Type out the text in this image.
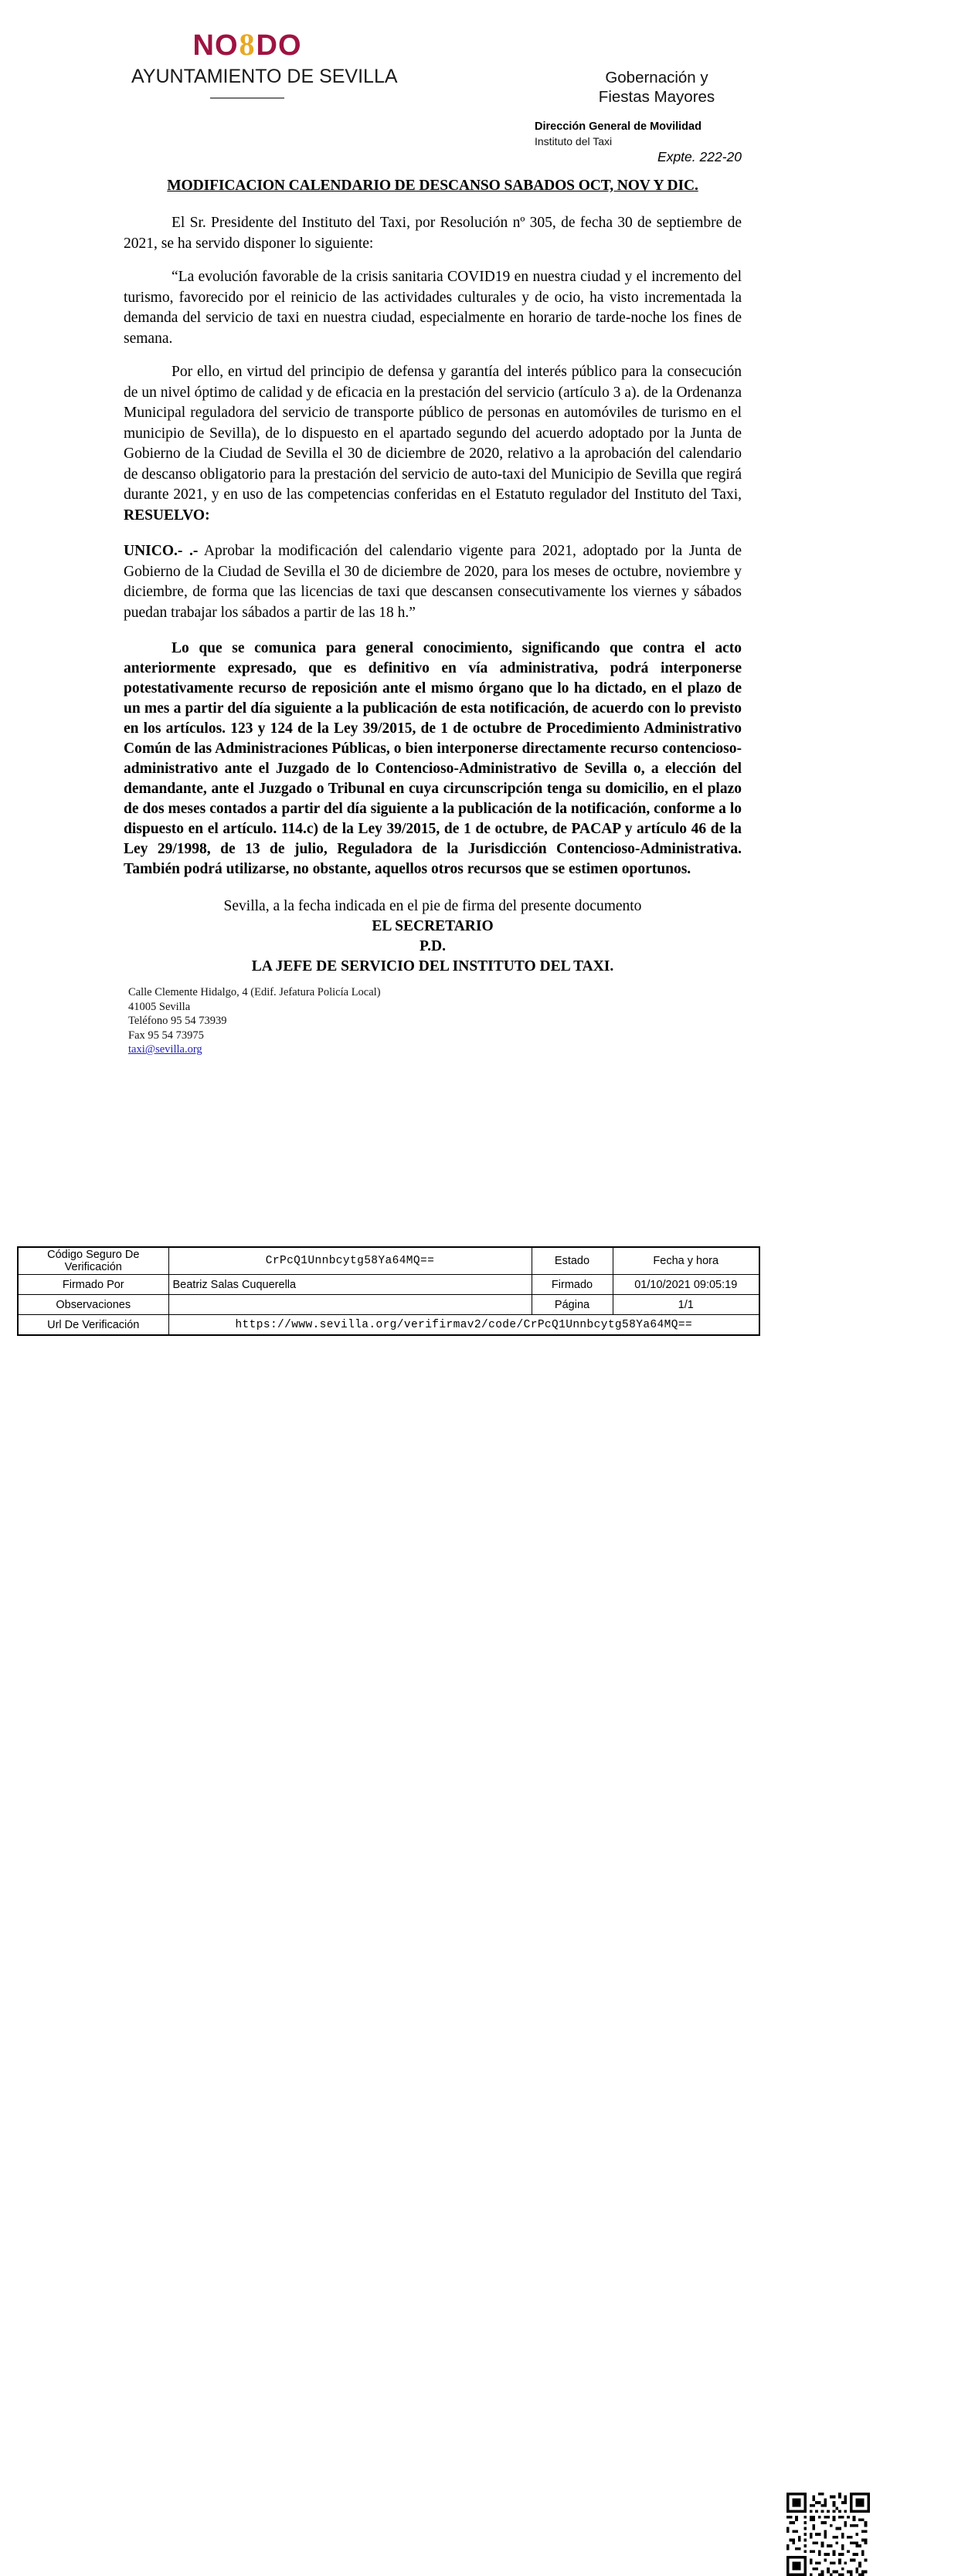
NO8DO
AYUNTAMIENTO DE SEVILLA	Gobernación y
Fiestas Mayores
Dirección General de Movilidad
Instituto del Taxi
Expte. 222-20
MODIFICACION CALENDARIO DE DESCANSO SABADOS OCT, NOV Y DIC.

El Sr. Presidente del Instituto del Taxi, por Resolución nº 305, de fecha 30 de septiembre de 2021, se ha servido disponer lo siguiente:

“La evolución favorable de la crisis sanitaria COVID19 en nuestra ciudad y el incremento del turismo, favorecido por el reinicio de las actividades culturales y de ocio, ha visto incrementada la demanda del servicio de taxi en nuestra ciudad, especialmente en horario de tarde-noche los fines de semana.

Por ello, en virtud del principio de defensa y garantía del interés público para la consecución de un nivel óptimo de calidad y de eficacia en la prestación del servicio (artículo 3 a). de la Ordenanza Municipal reguladora del servicio de transporte público de personas en automóviles de turismo en el municipio de Sevilla), de lo dispuesto en el apartado segundo del acuerdo adoptado por la Junta de Gobierno de la Ciudad de Sevilla el 30 de diciembre de 2020, relativo a la aprobación del calendario de descanso obligatorio para la prestación del servicio de auto-taxi del Municipio de Sevilla que regirá durante 2021, y en uso de las competencias conferidas en el Estatuto regulador del Instituto del Taxi, RESUELVO:

UNICO.- .- Aprobar la modificación del calendario vigente para 2021, adoptado por la Junta de Gobierno de la Ciudad de Sevilla el 30 de diciembre de 2020, para los meses de octubre, noviembre y diciembre, de forma que las licencias de taxi que descansen consecutivamente los viernes y sábados puedan trabajar los sábados a partir de las 18 h.”

Lo que se comunica para general conocimiento, significando que contra el acto anteriormente expresado, que es definitivo en vía administrativa, podrá interponerse potestativamente recurso de reposición ante el mismo órgano que lo ha dictado, en el plazo de un mes a partir del día siguiente a la publicación de esta notificación, de acuerdo con lo previsto en los artículos. 123 y 124 de la Ley 39/2015, de 1 de octubre de Procedimiento Administrativo Común de las Administraciones Públicas, o bien interponerse directamente recurso contencioso-administrativo ante el Juzgado de lo Contencioso-Administrativo de Sevilla o, a elección del demandante, ante el Juzgado o Tribunal en cuya circunscripción tenga su domicilio, en el plazo de dos meses contados a partir del día siguiente a la publicación de la notificación, conforme a lo dispuesto en el artículo. 114.c) de la Ley 39/2015, de 1 de octubre, de PACAP y artículo 46 de la Ley 29/1998, de 13 de julio, Reguladora de la Jurisdicción Contencioso-Administrativa. También podrá utilizarse, no obstante, aquellos otros recursos que se estimen oportunos.

Sevilla, a la fecha indicada en el pie de firma del presente documento
EL SECRETARIO
P.D.
LA JEFE DE SERVICIO DEL INSTITUTO DEL TAXI.
Calle Clemente Hidalgo, 4 (Edif. Jefatura Policía Local)
41005 Sevilla
Teléfono 95 54 73939
Fax 95 54 73975
taxi@sevilla.org
Código Seguro De Verificación	CrPcQ1Unnbcytg58Ya64MQ==	Estado	Fecha y hora
Firmado Por	Beatriz Salas Cuquerella	Firmado	01/10/2021 09:05:19
Observaciones		Página	1/1
Url De Verificación	https://www.sevilla.org/verifirmav2/code/CrPcQ1Unnbcytg58Ya64MQ==		
